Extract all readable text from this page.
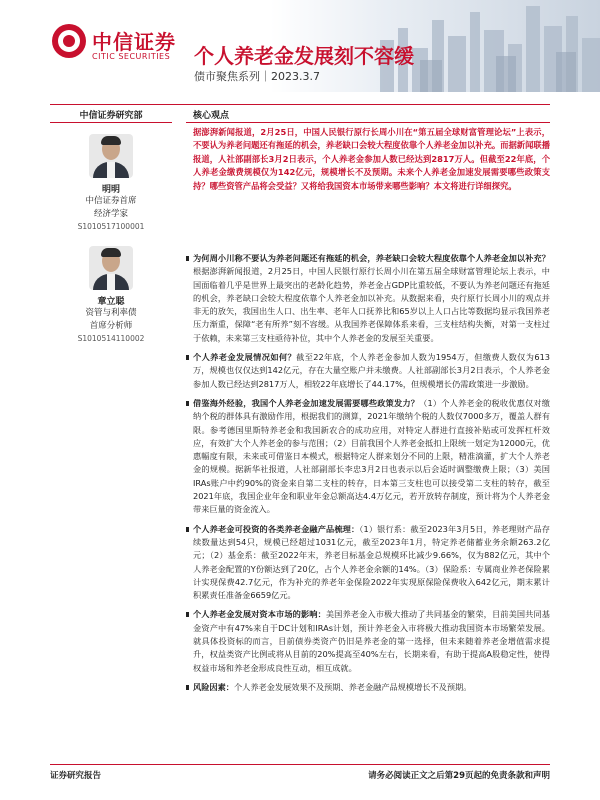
中信证券
CITIC SECURITIES 个人养老金发展刻不容缓
债市聚焦系列｜2023.3.7
中信证券研究部	核心观点
明明
中信证券首席
经济学家
S1010517100001
章立聪
资管与利率债
首席分析师
S1010514110002
据澎湃新闻报道，2月25日，中国人民银行原行长周小川在“第五届全球财富管理论坛”上表示，不要认为养老问题还有拖延的机会，养老缺口会较大程度依靠个人养老金加以补充。而据新闻联播报道，人社部副部长3月2日表示，个人养老金参加人数已经达到2817万人。但截至22年底，个人养老金缴费规模仅为142亿元，规模增长不及预期。未来个人养老金加速发展需要哪些政策支持？哪些资管产品将会受益？又将给我国资本市场带来哪些影响？本文将进行详细探究。
为何周小川称不要认为养老问题还有拖延的机会，养老缺口会较大程度依靠个人养老金加以补充？根据澎湃新闻报道，2月25日，中国人民银行原行长周小川在第五届全球财富管理论坛上表示，中国面临着几乎是世界上最突出的老龄化趋势，养老金占GDP比重较低，不要认为养老问题还有拖延的机会，养老缺口会较大程度依靠个人养老金加以补充。从数据来看，央行原行长周小川的观点并非无的放矢，我国出生人口、出生率、老年人口抚养比和65岁以上人口占比等数据均显示我国养老压力渐重，保障“老有所养”刻不容缓。从我国养老保障体系来看，三支柱结构失衡，对第一支柱过于依赖，未来第三支柱亟待补位，其中个人养老金的发展至关重要。
个人养老金发展情况如何？截至22年底，个人养老金参加人数为1954万，但缴费人数仅为613万，规模也仅仅达到142亿元，存在大量空账户并未缴费。人社部副部长3月2日表示，个人养老金参加人数已经达到2817万人，相较22年底增长了44.17%，但规模增长仍需政策进一步激励。
借鉴海外经验，我国个人养老金加速发展需要哪些政策发力？（1）个人养老金的税收优惠仅对缴纳个税的群体具有激励作用，根据我们的测算，2021年缴纳个税的人数仅7000多万，覆盖人群有限。参考德国里斯特养老金和我国新农合的成功应用，对特定人群进行直接补贴或可发挥杠杆效应，有效扩大个人养老金的参与范围；（2）目前我国个人养老金抵扣上限统一划定为12000元，优惠幅度有限，未来或可借鉴日本模式，根据特定人群来划分不同的上限，精准滴灌，扩大个人养老金的规模。据新华社报道，人社部副部长李忠3月2日也表示以后会适时调整缴费上限；（3）美国IRAs账户中约90%的资金来自第二支柱的转存，日本第三支柱也可以接受第二支柱的转存，截至2021年底，我国企业年金和职业年金总额高达4.4万亿元，若开放转存制度，预计将为个人养老金带来巨量的资金流入。
个人养老金可投资的各类养老金融产品梳理：（1）银行系：截至2023年3月5日，养老理财产品存续数量达到54只，规模已经超过1031亿元，截至2023年1月，特定养老储蓄业务余额263.2亿元；（2）基金系：截至2022年末，养老目标基金总规模环比减少9.66%，仅为882亿元，其中个人养老金配置的Y份额达到了20亿，占个人养老金余额的14%。（3）保险系：专属商业养老保险累计实现保费42.7亿元，作为补充的养老年金保险2022年实现原保险保费收入642亿元，期末累计积累责任准备金6659亿元。
个人养老金发展对资本市场的影响：美国养老金入市极大推动了共同基金的繁荣，目前美国共同基金资产中有47%来自于DC计划和IRAs计划，预计养老金入市将极大推动我国资本市场繁荣发展。就具体投资标的而言，目前债券类资产仍旧是养老金的第一选择，但未来随着养老金增值需求提升，权益类资产比例或将从目前的20%提高至40%左右，长期来看，有助于提高A股稳定性，使得权益市场和养老金形成良性互动，相互成就。
风险因素：个人养老金发展效果不及预期、养老金融产品规模增长不及预期。
证券研究报告	请务必阅读正文之后第29页起的免责条款和声明
